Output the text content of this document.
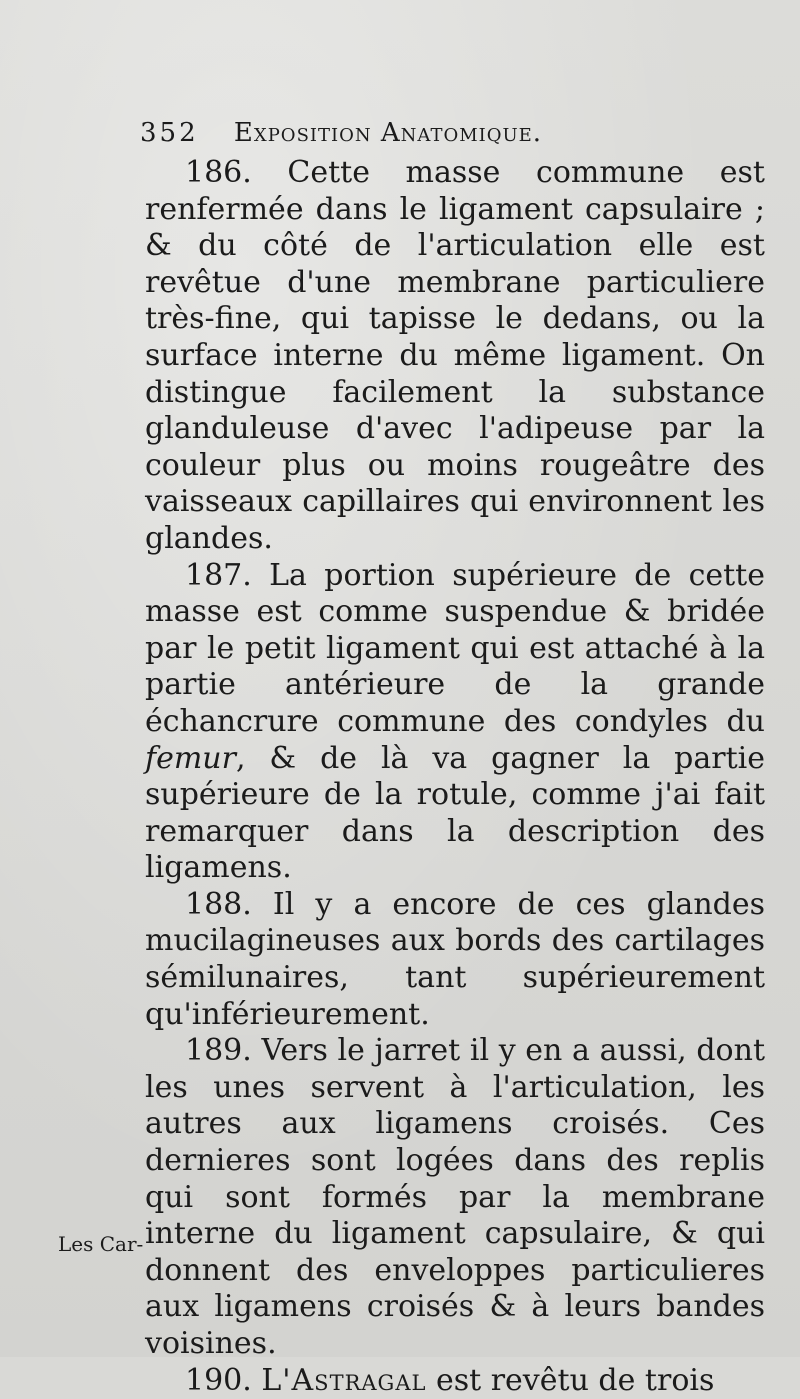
352 Exposition Anatomique.

186. Cette masse commune est renfermée dans le ligament capsulaire ; & du côté de l'articulation elle est revêtue d'une membrane particuliere très-fine, qui tapisse le dedans, ou la surface interne du même ligament. On distingue facilement la substance glanduleuse d'avec l'adipeuse par la couleur plus ou moins rougeâtre des vaisseaux capillaires qui environnent les glandes.

187. La portion supérieure de cette masse est comme suspendue & bridée par le petit ligament qui est attaché à la partie antérieure de la grande échancrure commune des condyles du femur, & de là va gagner la partie supérieure de la rotule, comme j'ai fait remarquer dans la description des ligamens.

188. Il y a encore de ces glandes mucilagineuses aux bords des cartilages sémilunaires, tant supérieurement qu'inférieurement.

189. Vers le jarret il y en a aussi, dont les unes servent à l'articulation, les autres aux ligamens croisés. Ces dernieres sont logées dans des replis qui sont formés par la membrane interne du ligament capsulaire, & qui donnent des enveloppes particulieres aux ligamens croisés & à leurs bandes voisines.

190. L'Astragal est revêtu de trois

Les Car-
